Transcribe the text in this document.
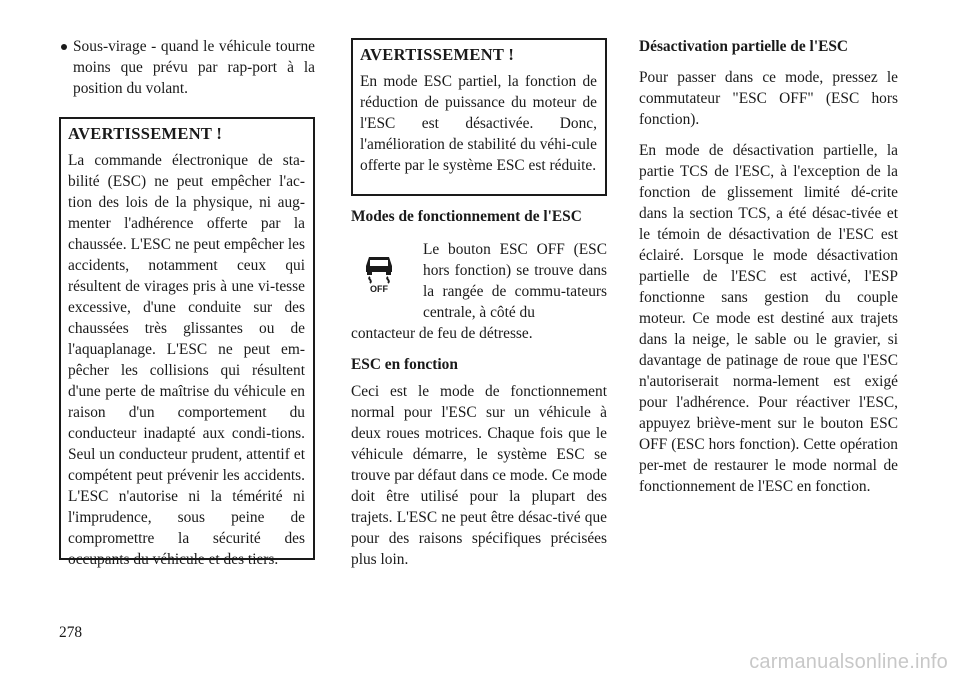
Sous-virage - quand le véhicule tourne moins que prévu par rap-port à la position du volant.

AVERTISSEMENT !

La commande électronique de sta-bilité (ESC) ne peut empêcher l'ac-tion des lois de la physique, ni aug-menter l'adhérence offerte par la chaussée. L'ESC ne peut empêcher les accidents, notamment ceux qui résultent de virages pris à une vi-tesse excessive, d'une conduite sur des chaussées très glissantes ou de l'aquaplanage. L'ESC ne peut em-pêcher les collisions qui résultent d'une perte de maîtrise du véhicule en raison d'un comportement du conducteur inadapté aux condi-tions. Seul un conducteur prudent, attentif et compétent peut prévenir les accidents. L'ESC n'autorise ni la témérité ni l'imprudence, sous peine de compromettre la sécurité des occupants du véhicule et des tiers.

AVERTISSEMENT !

En mode ESC partiel, la fonction de réduction de puissance du moteur de l'ESC est désactivée. Donc, l'amélioration de stabilité du véhi-cule offerte par le système ESC est réduite.

Modes de fonctionnement de l'ESC

OFF

Le bouton ESC OFF (ESC hors fonction) se trouve dans la rangée de commu-tateurs centrale, à côté du

contacteur de feu de détresse.

ESC en fonction

Ceci est le mode de fonctionnement normal pour l'ESC sur un véhicule à deux roues motrices. Chaque fois que le véhicule démarre, le système ESC se trouve par défaut dans ce mode. Ce mode doit être utilisé pour la plupart des trajets. L'ESC ne peut être désac-tivé que pour des raisons spécifiques précisées plus loin.

Désactivation partielle de l'ESC

Pour passer dans ce mode, pressez le commutateur "ESC OFF" (ESC hors fonction).

En mode de désactivation partielle, la partie TCS de l'ESC, à l'exception de la fonction de glissement limité dé-crite dans la section TCS, a été désac-tivée et le témoin de désactivation de l'ESC est éclairé. Lorsque le mode désactivation partielle de l'ESC est activé, l'ESP fonctionne sans gestion du couple moteur. Ce mode est destiné aux trajets dans la neige, le sable ou le gravier, si davantage de patinage de roue que l'ESC n'autoriserait norma-lement est exigé pour l'adhérence. Pour réactiver l'ESC, appuyez briève-ment sur le bouton ESC OFF (ESC hors fonction). Cette opération per-met de restaurer le mode normal de fonctionnement de l'ESC en fonction.

278
carmanualsonline.info
